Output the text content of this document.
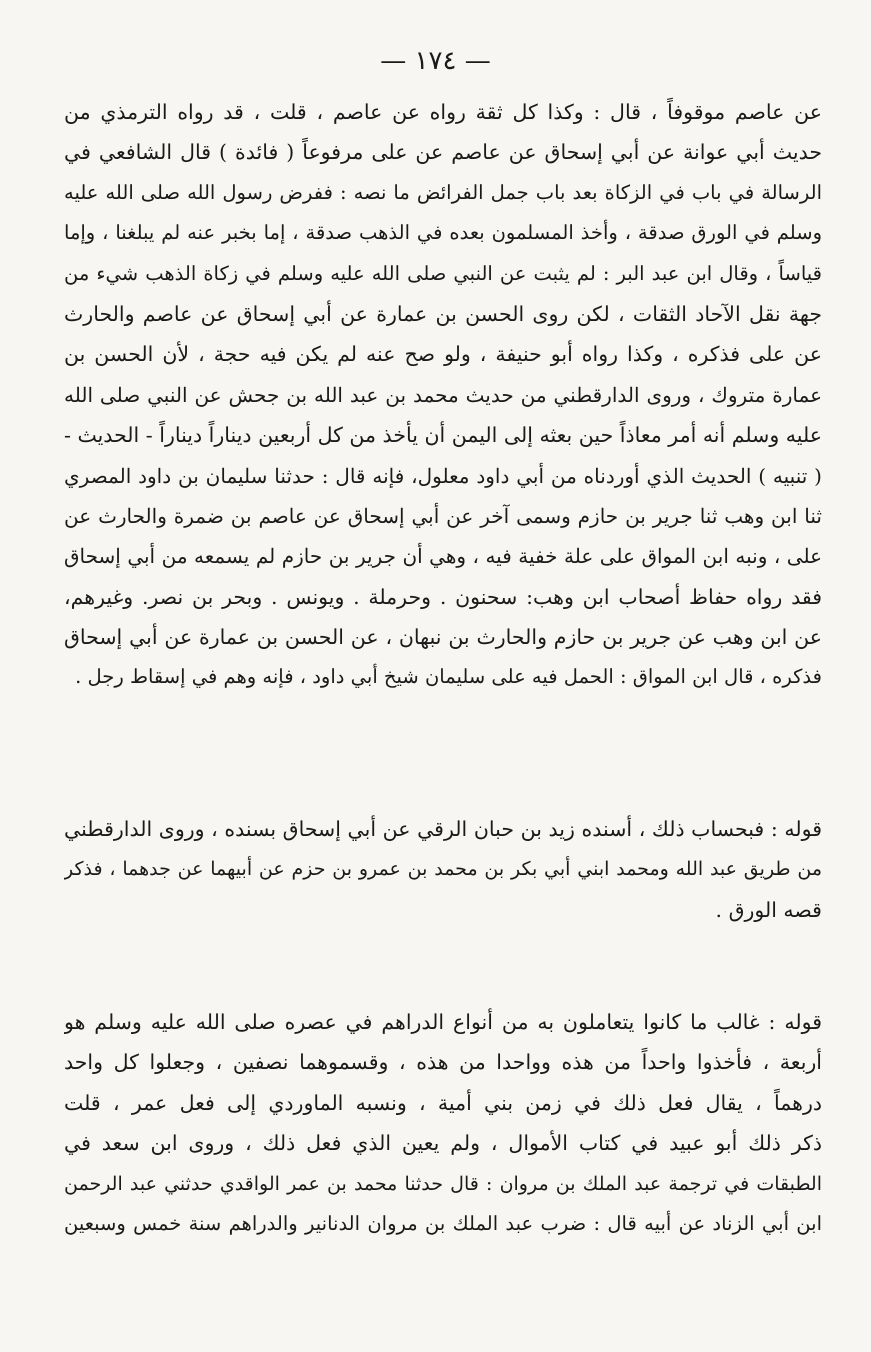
— ١٧٤ —
عن عاصم موقوفاً ، قال : وكذا كل ثقة رواه عن عاصم ، قلت ، قد رواه الترمذي من
حديث أبي عوانة عن أبي إسحاق عن عاصم عن على مرفوعاً ( فائدة ) قال الشافعي في
الرسالة في باب في الزكاة بعد باب جمل الفرائض ما نصه : ففرض رسول الله صلى الله عليه
وسلم في الورق صدقة ، وأخذ المسلمون بعده في الذهب صدقة ، إما بخبر عنه لم يبلغنا ، وإما
قياساً ، وقال ابن عبد البر : لم يثبت عن النبي صلى الله عليه وسلم في زكاة الذهب شيء من
جهة نقل الآحاد الثقات ، لكن روى الحسن بن عمارة عن أبي إسحاق عن عاصم والحارث
عن على فذكره ، وكذا رواه أبو حنيفة ، ولو صح عنه لم يكن فيه حجة ، لأن الحسن بن
عمارة متروك ، وروى الدارقطني من حديث محمد بن عبد الله بن جحش عن النبي صلى الله
عليه وسلم أنه أمر معاذاً حين بعثه إلى اليمن أن يأخذ من كل أربعين ديناراً ديناراً - الحديث -
( تنبيه ) الحديث الذي أوردناه من أبي داود معلول، فإنه قال : حدثنا سليمان بن داود المصري
ثنا ابن وهب ثنا جرير بن حازم وسمى آخر عن أبي إسحاق عن عاصم بن ضمرة والحارث عن
على ، ونبه ابن المواق على علة خفية فيه ، وهي أن جرير بن حازم لم يسمعه من أبي إسحاق
فقد رواه حفاظ أصحاب ابن وهب: سحنون . وحرملة . ويونس . وبحر بن نصر. وغيرهم،
عن ابن وهب عن جرير بن حازم والحارث بن نبهان ، عن الحسن بن عمارة عن أبي إسحاق
فذكره ، قال ابن المواق : الحمل فيه على سليمان شيخ أبي داود ، فإنه وهم في إسقاط رجل .
قوله : فبحساب ذلك ، أسنده زيد بن حبان الرقي عن أبي إسحاق بسنده ، وروى الدارقطني
من طريق عبد الله ومحمد ابني أبي بكر بن محمد بن عمرو بن حزم عن أبيهما عن جدهما ، فذكر
قصه الورق .
قوله : غالب ما كانوا يتعاملون به من أنواع الدراهم في عصره صلى الله عليه وسلم هو
أربعة ، فأخذوا واحداً من هذه وواحدا من هذه ، وقسموهما نصفين ، وجعلوا كل واحد
درهماً ، يقال فعل ذلك في زمن بني أمية ، ونسبه الماوردي إلى فعل عمر ، قلت
ذكر ذلك أبو عبيد في كتاب الأموال ، ولم يعين الذي فعل ذلك ، وروى ابن سعد في
الطبقات في ترجمة عبد الملك بن مروان : قال حدثنا محمد بن عمر الواقدي حدثني عبد الرحمن
ابن أبي الزناد عن أبيه قال : ضرب عبد الملك بن مروان الدنانير والدراهم سنة خمس وسبعين
